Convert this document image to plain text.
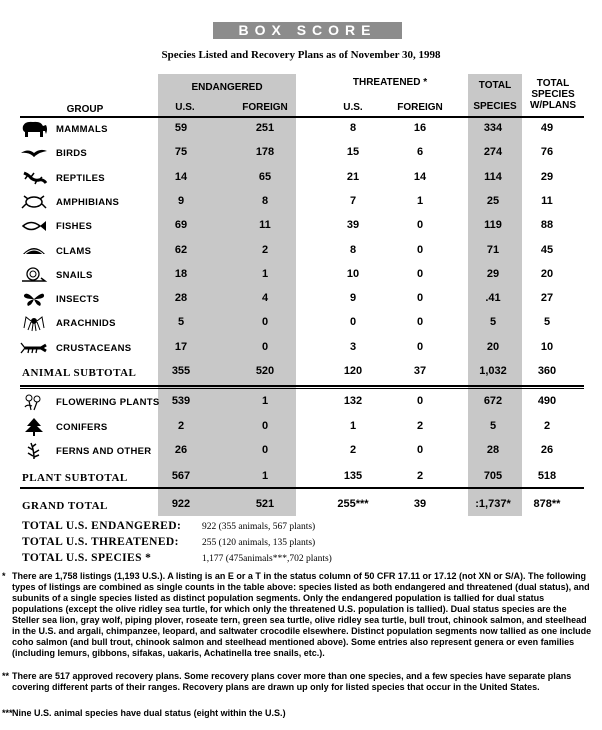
BOX SCORE
Species Listed and Recovery Plans as of November 30, 1998
ENDANGERED	THREATENED *
GROUP	U.S.	FOREIGN	U.S.	FOREIGN
TOTAL
SPECIES
TOTAL
SPECIES
W/PLANS
MAMMALS	59	251	8	16	334	49
BIRDS	75	178	15	6	274	76
REPTILES	14	65	21	14	114	29
AMPHIBIANS	9	8	7	1	25	11
FISHES	69	11	39	0	119	88
CLAMS	62	2	8	0	71	45
SNAILS	18	1	10	0	29	20
INSECTS	28	4	9	0	.41	27
ARACHNIDS	5	0	0	0	5	5
CRUSTACEANS	17	0	3	0	20	10
ANIMAL SUBTOTAL	355	520	120	37	1,032	360
FLOWERING PLANTS	539	1	132	0	672	490
CONIFERS	2	0	1	2	5	2
FERNS AND OTHER	26	0	2	0	28	26
PLANT SUBTOTAL	567	1	135	2	705	518
GRAND TOTAL	922	521	255***	39	:1,737*	878**
TOTAL U.S. ENDANGERED: 922 (355 animals, 567 plants)
TOTAL U.S. THREATENED: 255 (120 animals, 135 plants)
TOTAL U.S. SPECIES *	1,177 (475animals***,702 plants)
* There are 1,758 listings (1,193 U.S.). A listing is an E or a T in the status column of 50 CFR 17.11 or 17.12 (not XN or S/A). The following types of listings are combined as single counts in the table above: species listed as both endangered and threatened (dual status), and subunits of a single species listed as distinct population segments. Only the endangered population is tallied for dual status populations (except the olive ridley sea turtle, for which only the threatened U.S. population is tallied). Dual status species are the Steller sea lion, gray wolf, piping plover, roseate tern, green sea turtle, olive ridley sea turtle, bull trout, chinook salmon, and steelhead in the U.S. and argali, chimpanzee, leopard, and saltwater crocodile elsewhere. Distinct population segments now tallied as one include coho salmon (and bull trout, chinook salmon and steelhead mentioned above). Some entries also represent genera or even families (including lemurs, gibbons, sifakas, uakaris, Achatinella tree snails, etc.).
** There are 517 approved recovery plans. Some recovery plans cover more than one species, and a few species have separate plans covering different parts of their ranges. Recovery plans are drawn up only for listed species that occur in the United States.
*** Nine U.S. animal species have dual status (eight within the U.S.)
